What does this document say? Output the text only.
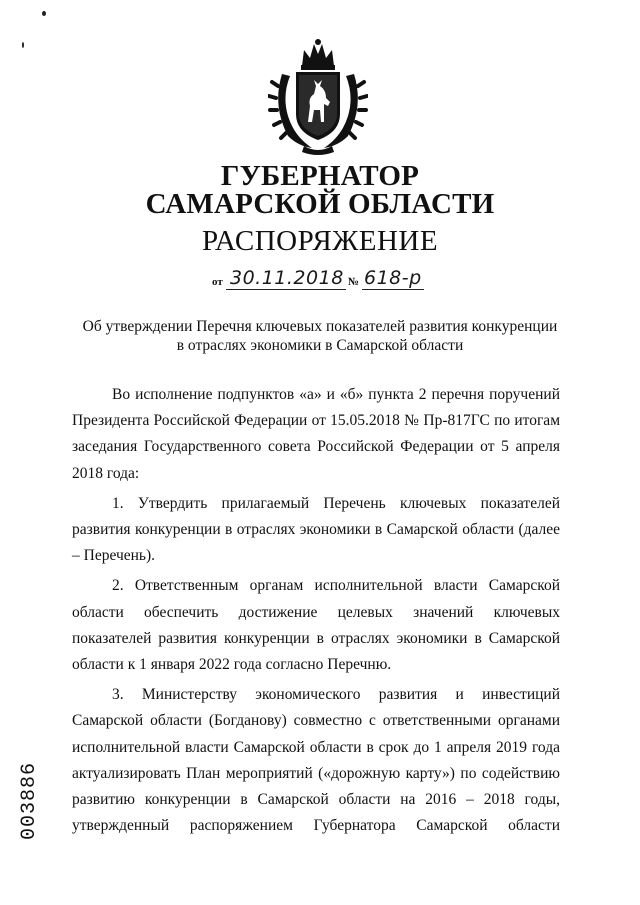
ГУБЕРНАТОР
САМАРСКОЙ ОБЛАСТИ
РАСПОРЯЖЕНИЕ
от 30.11.2018 № 618-р
Об утверждении Перечня ключевых показателей развития конкуренции
в отраслях экономики в Самарской области

Во исполнение подпунктов «а» и «б» пункта 2 перечня поручений Президента Российской Федерации от 15.05.2018 № Пр-817ГС по итогам заседания Государственного совета Российской Федерации от 5 апреля 2018 года:

1. Утвердить прилагаемый Перечень ключевых показателей развития конкуренции в отраслях экономики в Самарской области (далее – Перечень).

2. Ответственным органам исполнительной власти Самарской области обеспечить достижение целевых значений ключевых показателей развития конкуренции в отраслях экономики в Самарской области к 1 января 2022 года согласно Перечню.

3. Министерству экономического развития и инвестиций Самарской области (Богданову) совместно с ответственными органами исполнительной власти Самарской области в срок до 1 апреля 2019 года актуализировать План мероприятий («дорожную карту») по содействию развитию конкуренции в Самарской области на 2016 – 2018 годы, утвержденный распоряжением Губернатора Самарской области

003886
